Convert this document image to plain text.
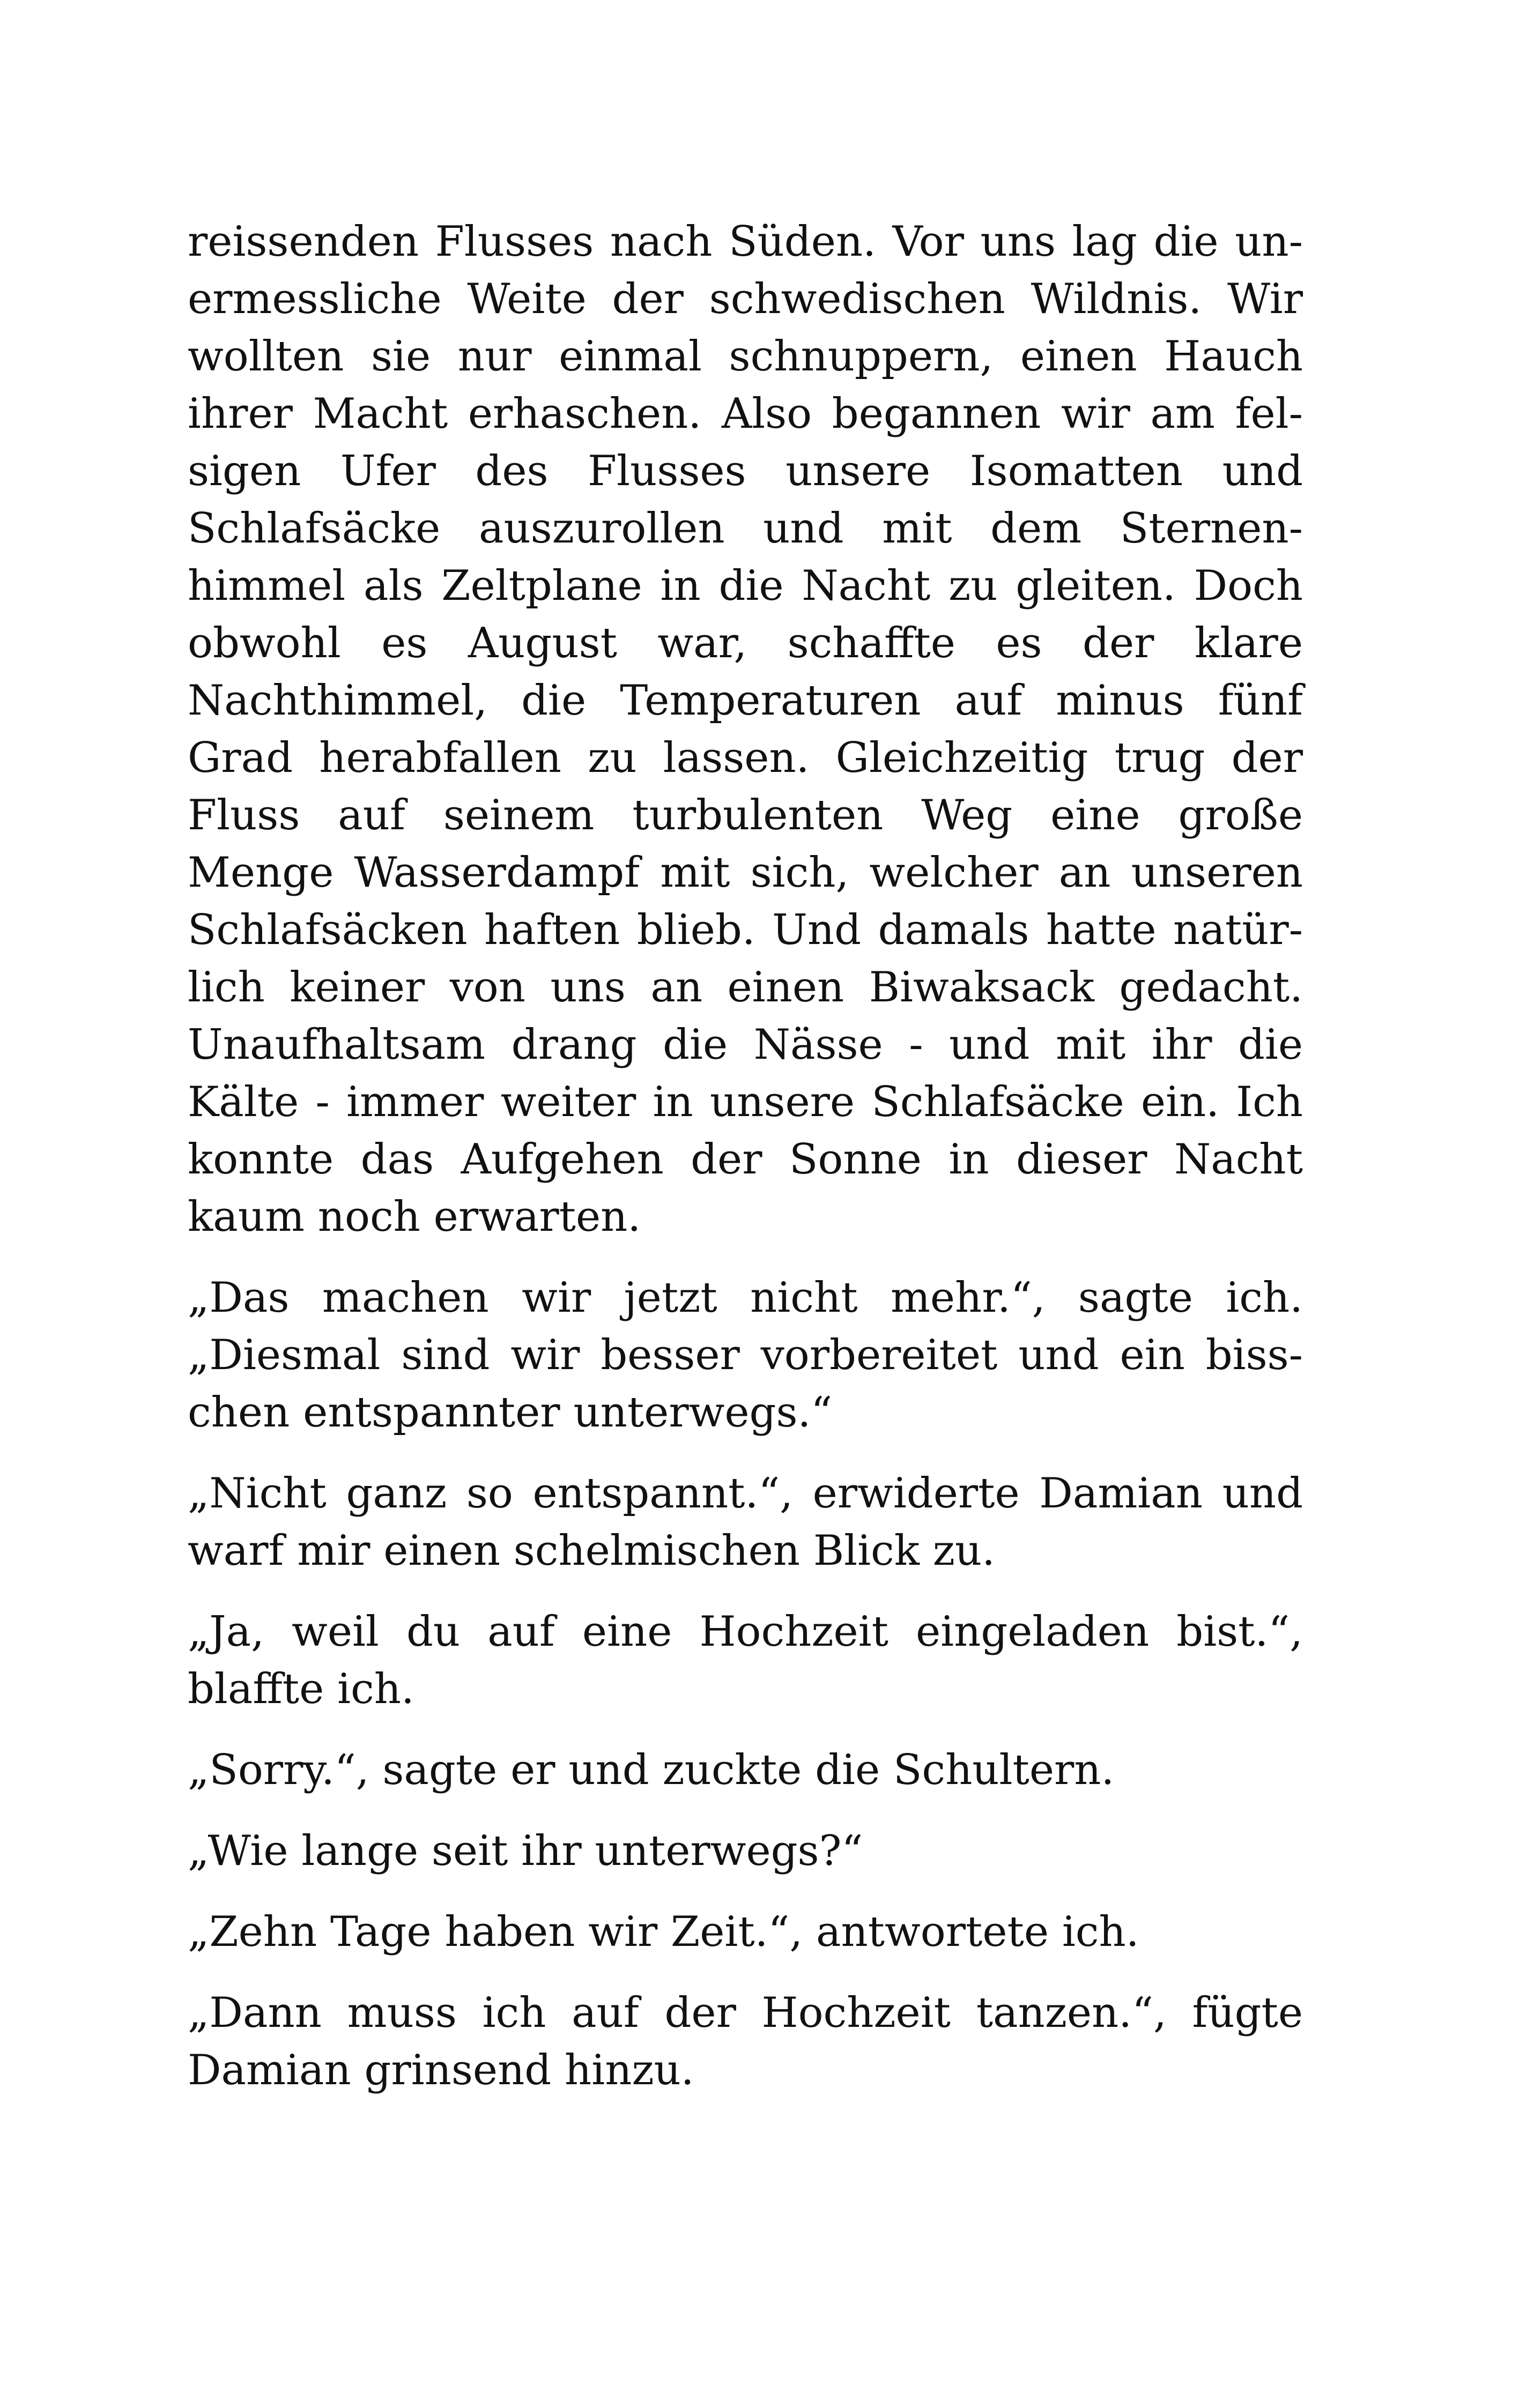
reissenden Flusses nach Süden. Vor uns lag die un-
ermessliche Weite der schwedischen Wildnis. Wir
wollten sie nur einmal schnuppern, einen Hauch
ihrer Macht erhaschen. Also begannen wir am fel-
sigen Ufer des Flusses unsere Isomatten und
Schlafsäcke auszurollen und mit dem Sternen-
himmel als Zeltplane in die Nacht zu gleiten. Doch
obwohl es August war, schaffte es der klare
Nachthimmel, die Temperaturen auf minus fünf
Grad herabfallen zu lassen. Gleichzeitig trug der
Fluss auf seinem turbulenten Weg eine große
Menge Wasserdampf mit sich, welcher an unseren
Schlafsäcken haften blieb. Und damals hatte natür-
lich keiner von uns an einen Biwaksack gedacht.
Unaufhaltsam drang die Nässe - und mit ihr die
Kälte - immer weiter in unsere Schlafsäcke ein. Ich
konnte das Aufgehen der Sonne in dieser Nacht
kaum noch erwarten.
„Das machen wir jetzt nicht mehr.“, sagte ich.
„Diesmal sind wir besser vorbereitet und ein biss-
chen entspannter unterwegs.“
„Nicht ganz so entspannt.“, erwiderte Damian und
warf mir einen schelmischen Blick zu.
„Ja, weil du auf eine Hochzeit eingeladen bist.“,
blaffte ich.
„Sorry.“, sagte er und zuckte die Schultern.
„Wie lange seit ihr unterwegs?“
„Zehn Tage haben wir Zeit.“, antwortete ich.
„Dann muss ich auf der Hochzeit tanzen.“, fügte
Damian grinsend hinzu.
